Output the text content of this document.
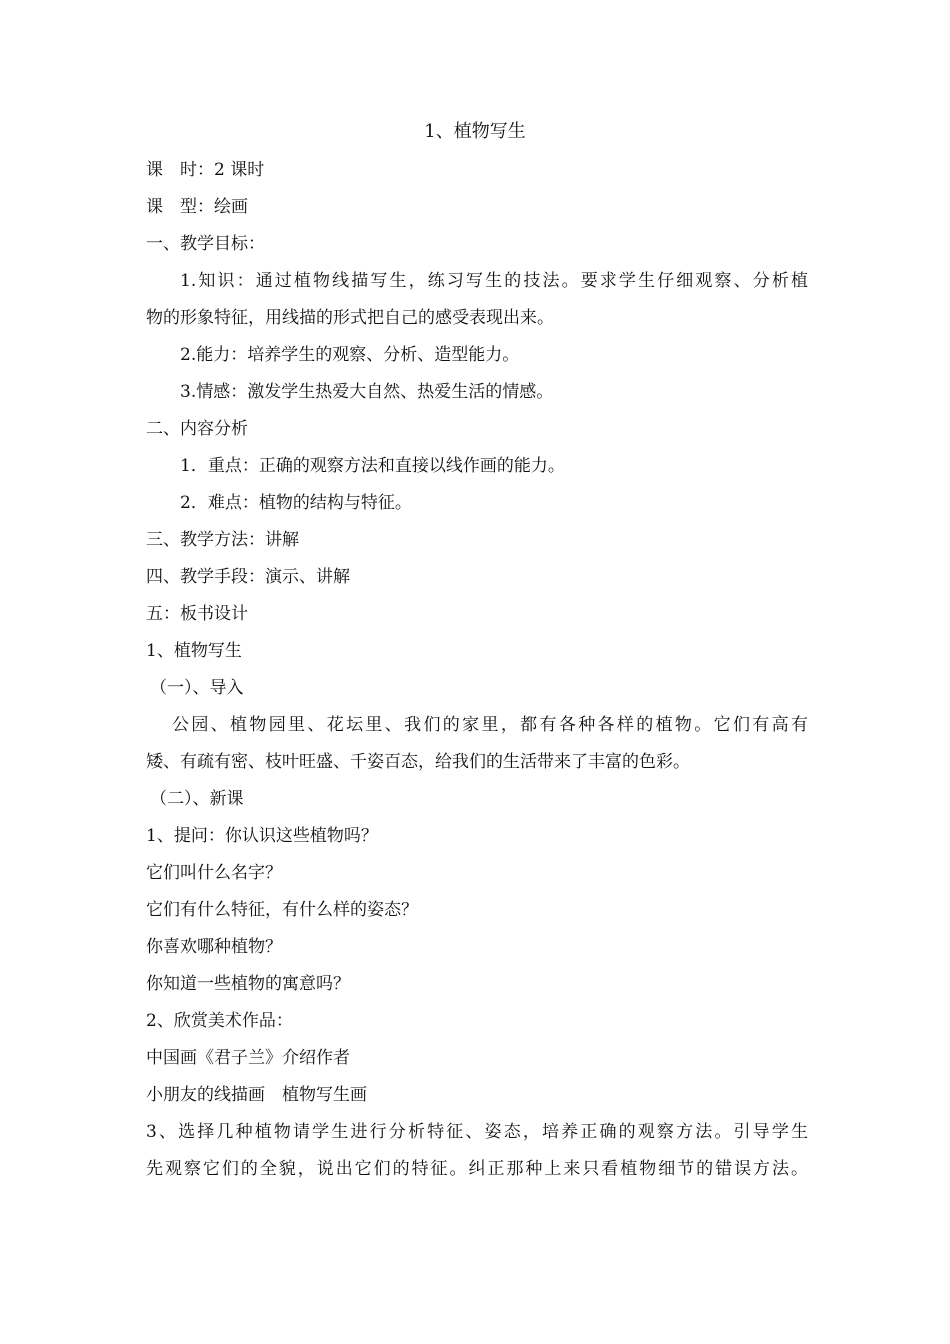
1、植物写生
课　时：2 课时
课　型：绘画
一、教学目标：
1.知识：通过植物线描写生，练习写生的技法。要求学生仔细观察、分析植
物的形象特征，用线描的形式把自己的感受表现出来。
2.能力：培养学生的观察、分析、造型能力。
3.情感：激发学生热爱大自然、热爱生活的情感。
二、内容分析
1．重点：正确的观察方法和直接以线作画的能力。
2．难点：植物的结构与特征。
三、教学方法：讲解
四、教学手段：演示、讲解
五：板书设计
1、植物写生
（一）、导入
公园、植物园里、花坛里、我们的家里，都有各种各样的植物。它们有高有
矮、有疏有密、枝叶旺盛、千姿百态，给我们的生活带来了丰富的色彩。
（二）、新课
1、提问：你认识这些植物吗？
它们叫什么名字？
它们有什么特征，有什么样的姿态？
你喜欢哪种植物？
你知道一些植物的寓意吗？
2、欣赏美术作品：
中国画《君子兰》介绍作者
小朋友的线描画　植物写生画
3、选择几种植物请学生进行分析特征、姿态，培养正确的观察方法。引导学生
先观察它们的全貌，说出它们的特征。纠正那种上来只看植物细节的错误方法。
